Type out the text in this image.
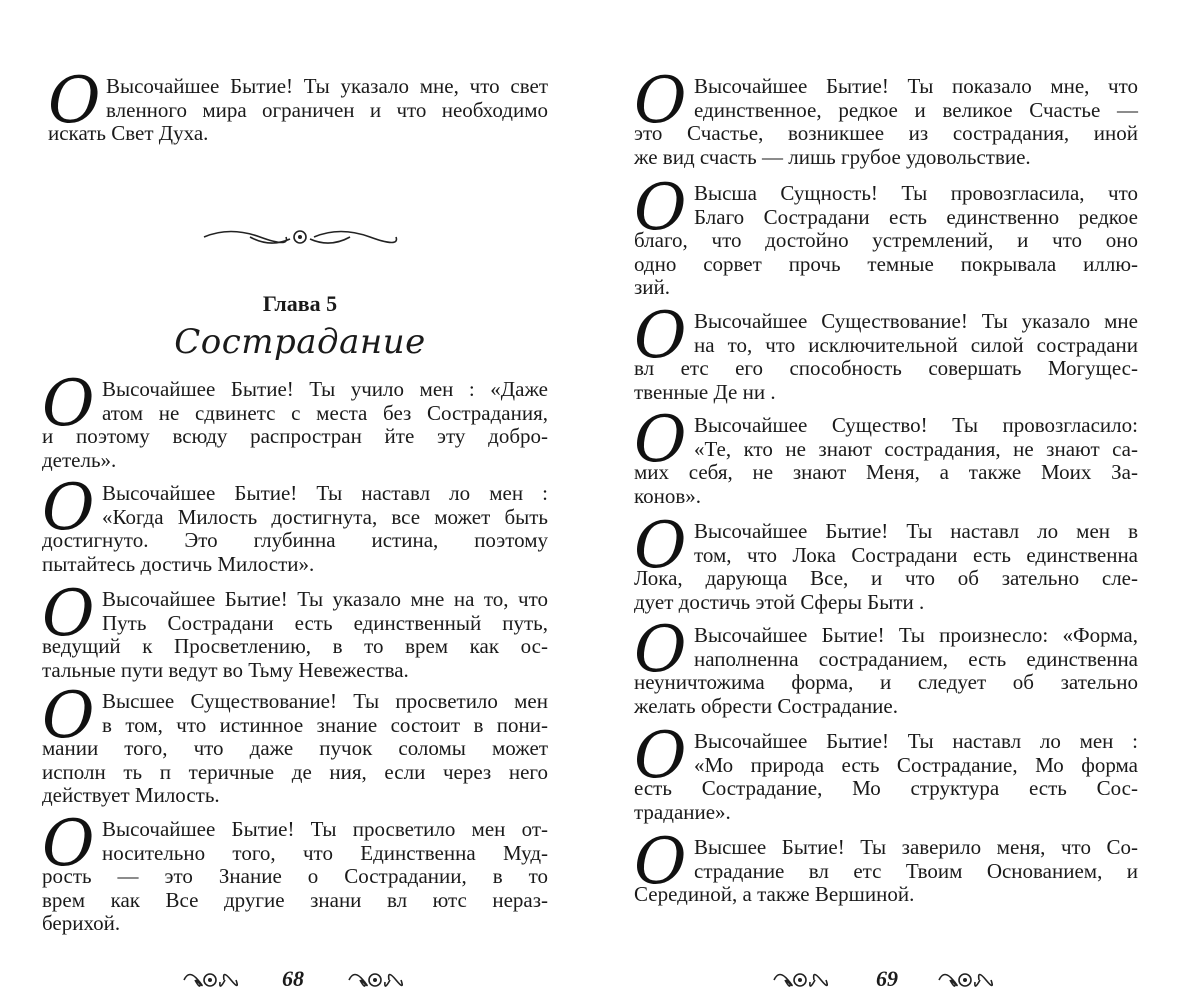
О Высочайшее Бытие! Ты указало мне, что свет
вленного мира ограничен и что необходимо
искать Свет Духа.
Глава 5
Сострадание
О Высочайшее Бытие! Ты учило мен : «Даже
атом не сдвинетс с места без Сострадания,
и поэтому всюду распростран йте эту добро-
детель».
О Высочайшее Бытие! Ты наставл ло мен :
«Когда Милость достигнута, все может быть
достигнуто. Это глубинна истина, поэтому
пытайтесь достичь Милости».
О Высочайшее Бытие! Ты указало мне на то, что
Путь Сострадани есть единственный путь,
ведущий к Просветлению, в то врем как ос-
тальные пути ведут во Тьму Невежества.
О Высшее Существование! Ты просветило мен
в том, что истинное знание состоит в пони-
мании того, что даже пучок соломы может
исполн ть п теричные де ния, если через него
действует Милость.
О Высочайшее Бытие! Ты просветило мен от-
носительно того, что Единственна Муд-
рость — это Знание о Сострадании, в то
врем как Все другие знани вл ютс нераз-
берихой.
68
О Высочайшее Бытие! Ты показало мне, что
единственное, редкое и великое Счастье —
это Счастье, возникшее из сострадания, иной
же вид счасть — лишь грубое удовольствие.
О Высша Сущность! Ты провозгласила, что
Благо Сострадани есть единственно редкое
благо, что достойно устремлений, и что оно
одно сорвет прочь темные покрывала иллю-
зий.
О Высочайшее Существование! Ты указало мне
на то, что исключительной силой сострадани
вл етс его способность совершать Могущес-
твенные Де ни .
О Высочайшее Существо! Ты провозгласило:
«Те, кто не знают сострадания, не знают са-
мих себя, не знают Меня, а также Моих За-
конов».
О Высочайшее Бытие! Ты наставл ло мен в
том, что Лока Сострадани есть единственна
Лока, дарующа Все, и что об зательно сле-
дует достичь этой Сферы Быти .
О Высочайшее Бытие! Ты произнесло: «Форма,
наполненна состраданием, есть единственна
неуничтожима форма, и следует об зательно
желать обрести Сострадание.
О Высочайшее Бытие! Ты наставл ло мен :
«Мо природа есть Сострадание, Мо форма
есть Сострадание, Мо структура есть Сос-
традание».
О Высшее Бытие! Ты заверило меня, что Со-
страдание вл етс Твоим Основанием, и
Серединой, а также Вершиной.
69
